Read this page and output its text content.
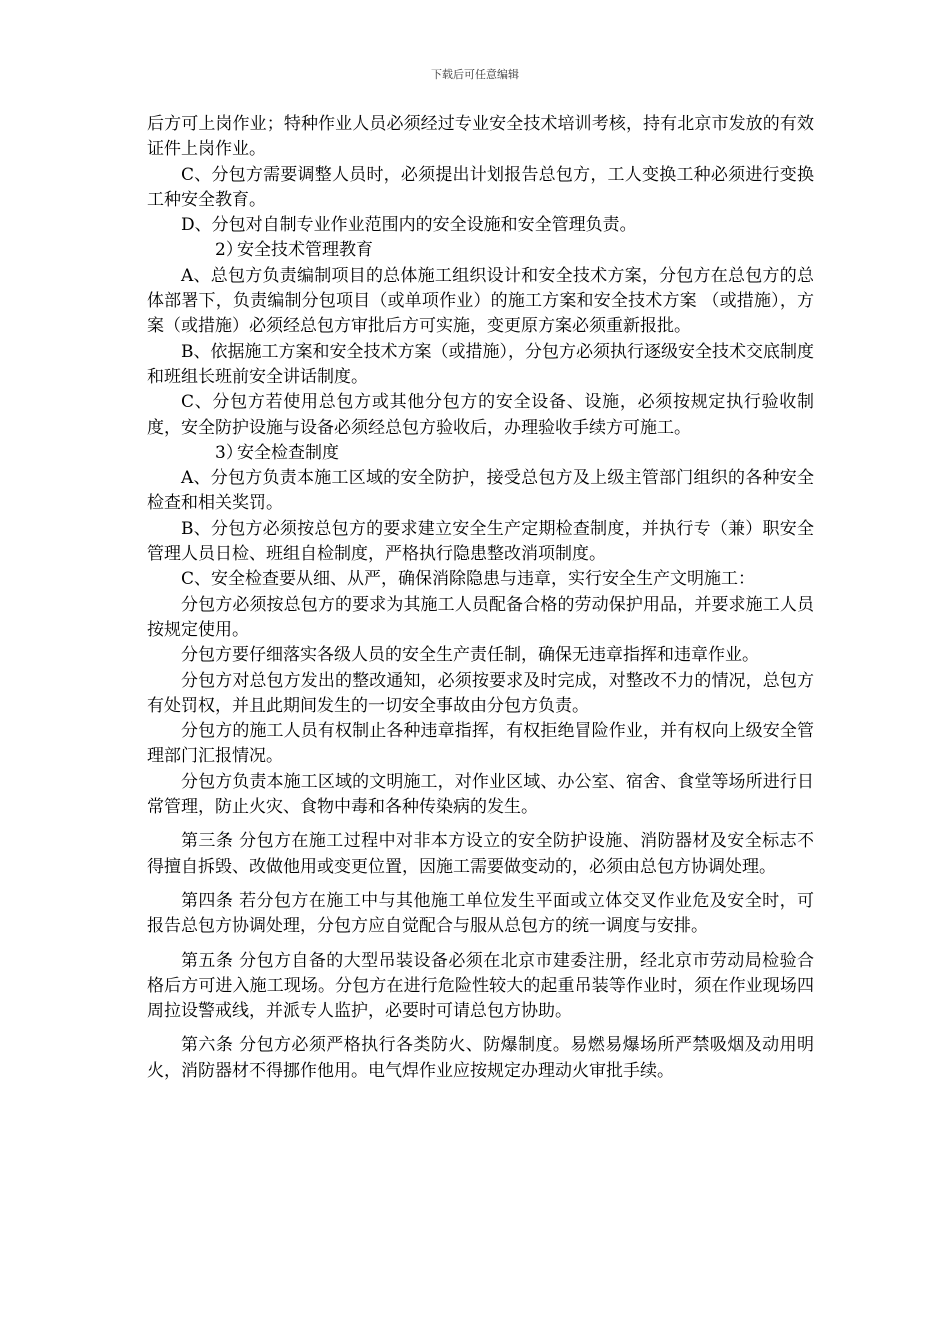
下载后可任意编辑

后方可上岗作业；特种作业人员必须经过专业安全技术培训考核，持有北京市发放的有效证件上岗作业。

C、分包方需要调整人员时，必须提出计划报告总包方，工人变换工种必须进行变换工种安全教育。

D、分包对自制专业作业范围内的安全设施和安全管理负责。

2）安全技术管理教育

A、总包方负责编制项目的总体施工组织设计和安全技术方案，分包方在总包方的总体部署下，负责编制分包项目（或单项作业）的施工方案和安全技术方案 （或措施），方案（或措施）必须经总包方审批后方可实施，变更原方案必须重新报批。

B、依据施工方案和安全技术方案（或措施），分包方必须执行逐级安全技术交底制度和班组长班前安全讲话制度。

C、分包方若使用总包方或其他分包方的安全设备、设施，必须按规定执行验收制度，安全防护设施与设备必须经总包方验收后，办理验收手续方可施工。

3）安全检查制度

A、分包方负责本施工区域的安全防护，接受总包方及上级主管部门组织的各种安全检查和相关奖罚。

B、分包方必须按总包方的要求建立安全生产定期检查制度，并执行专（兼）职安全管理人员日检、班组自检制度，严格执行隐患整改消项制度。

C、安全检查要从细、从严，确保消除隐患与违章，实行安全生产文明施工：

分包方必须按总包方的要求为其施工人员配备合格的劳动保护用品，并要求施工人员按规定使用。

分包方要仔细落实各级人员的安全生产责任制，确保无违章指挥和违章作业。

分包方对总包方发出的整改通知，必须按要求及时完成，对整改不力的情况，总包方有处罚权，并且此期间发生的一切安全事故由分包方负责。

分包方的施工人员有权制止各种违章指挥，有权拒绝冒险作业，并有权向上级安全管理部门汇报情况。

分包方负责本施工区域的文明施工，对作业区域、办公室、宿舍、食堂等场所进行日常管理，防止火灾、食物中毒和各种传染病的发生。

第三条 分包方在施工过程中对非本方设立的安全防护设施、消防器材及安全标志不得擅自拆毁、改做他用或变更位置，因施工需要做变动的，必须由总包方协调处理。

第四条 若分包方在施工中与其他施工单位发生平面或立体交叉作业危及安全时，可报告总包方协调处理，分包方应自觉配合与服从总包方的统一调度与安排。

第五条 分包方自备的大型吊装设备必须在北京市建委注册，经北京市劳动局检验合格后方可进入施工现场。分包方在进行危险性较大的起重吊装等作业时，须在作业现场四周拉设警戒线，并派专人监护，必要时可请总包方协助。

第六条 分包方必须严格执行各类防火、防爆制度。易燃易爆场所严禁吸烟及动用明火，消防器材不得挪作他用。电气焊作业应按规定办理动火审批手续。
